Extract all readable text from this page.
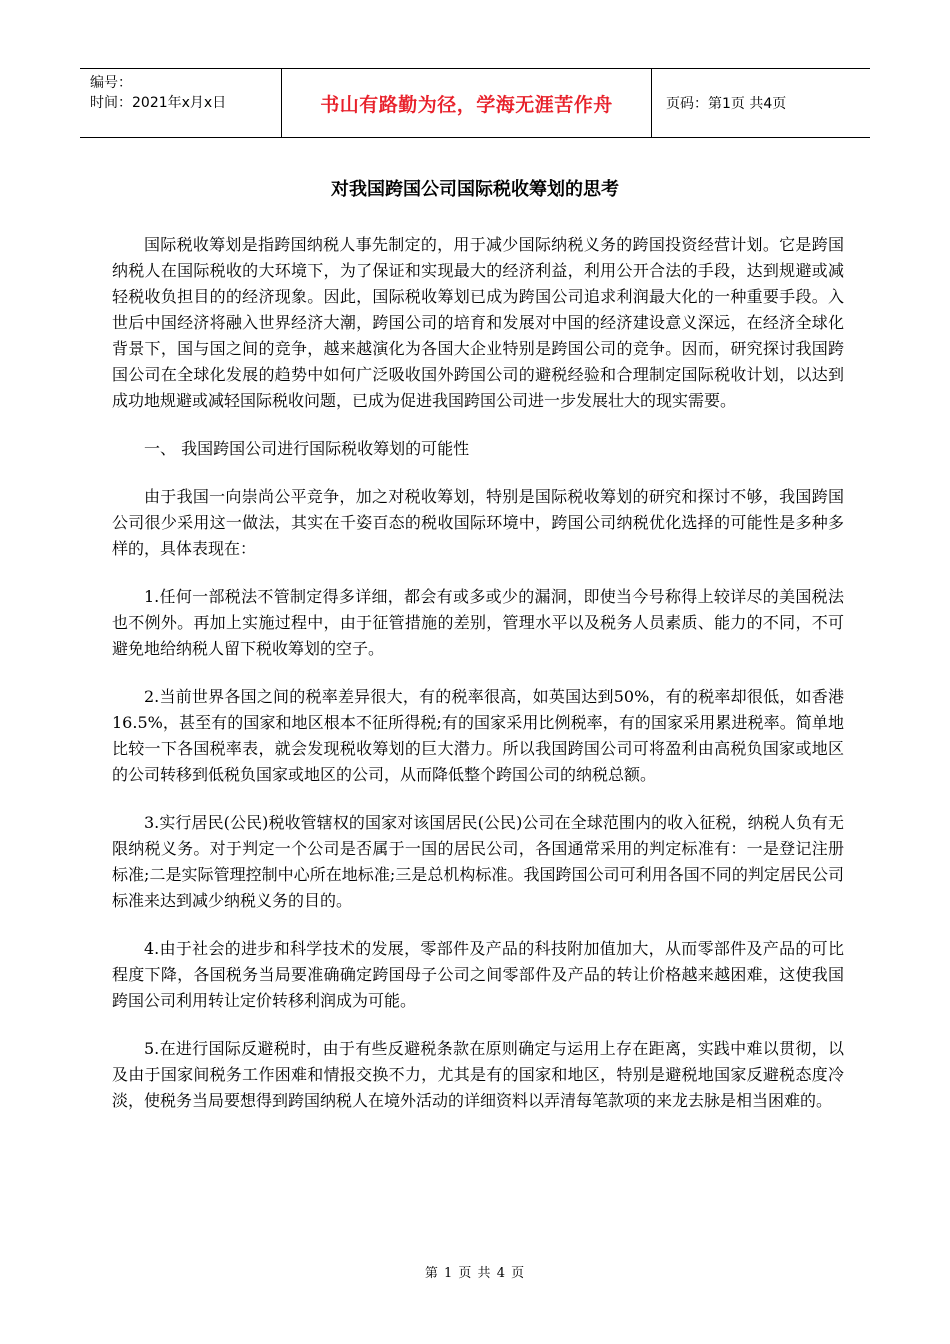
编号：
时间：2021年x月x日	书山有路勤为径，学海无涯苦作舟	页码：第1页 共4页
对我国跨国公司国际税收筹划的思考

国际税收筹划是指跨国纳税人事先制定的，用于减少国际纳税义务的跨国投资经营计划。它是跨国纳税人在国际税收的大环境下，为了保证和实现最大的经济利益，利用公开合法的手段，达到规避或减轻税收负担目的的经济现象。因此，国际税收筹划已成为跨国公司追求利润最大化的一种重要手段。入世后中国经济将融入世界经济大潮，跨国公司的培育和发展对中国的经济建设意义深远，在经济全球化背景下，国与国之间的竞争，越来越演化为各国大企业特别是跨国公司的竞争。因而，研究探讨我国跨国公司在全球化发展的趋势中如何广泛吸收国外跨国公司的避税经验和合理制定国际税收计划，以达到成功地规避或减轻国际税收问题，已成为促进我国跨国公司进一步发展壮大的现实需要。

一、 我国跨国公司进行国际税收筹划的可能性

由于我国一向崇尚公平竞争，加之对税收筹划，特别是国际税收筹划的研究和探讨不够，我国跨国公司很少采用这一做法，其实在千姿百态的税收国际环境中，跨国公司纳税优化选择的可能性是多种多样的，具体表现在：

1.任何一部税法不管制定得多详细，都会有或多或少的漏洞，即使当今号称得上较详尽的美国税法也不例外。再加上实施过程中，由于征管措施的差别，管理水平以及税务人员素质、能力的不同，不可避免地给纳税人留下税收筹划的空子。

2.当前世界各国之间的税率差异很大，有的税率很高，如英国达到50%，有的税率却很低，如香港16.5%，甚至有的国家和地区根本不征所得税;有的国家采用比例税率，有的国家采用累进税率。简单地比较一下各国税率表，就会发现税收筹划的巨大潜力。所以我国跨国公司可将盈利由高税负国家或地区的公司转移到低税负国家或地区的公司，从而降低整个跨国公司的纳税总额。

3.实行居民(公民)税收管辖权的国家对该国居民(公民)公司在全球范围内的收入征税，纳税人负有无限纳税义务。对于判定一个公司是否属于一国的居民公司，各国通常采用的判定标准有：一是登记注册标准;二是实际管理控制中心所在地标准;三是总机构标准。我国跨国公司可利用各国不同的判定居民公司标准来达到减少纳税义务的目的。

4.由于社会的进步和科学技术的发展，零部件及产品的科技附加值加大，从而零部件及产品的可比程度下降，各国税务当局要准确确定跨国母子公司之间零部件及产品的转让价格越来越困难，这使我国跨国公司利用转让定价转移利润成为可能。

5.在进行国际反避税时，由于有些反避税条款在原则确定与运用上存在距离，实践中难以贯彻，以及由于国家间税务工作困难和情报交换不力，尤其是有的国家和地区，特别是避税地国家反避税态度冷淡，使税务当局要想得到跨国纳税人在境外活动的详细资料以弄清每笔款项的来龙去脉是相当困难的。

第 1 页 共 4 页
